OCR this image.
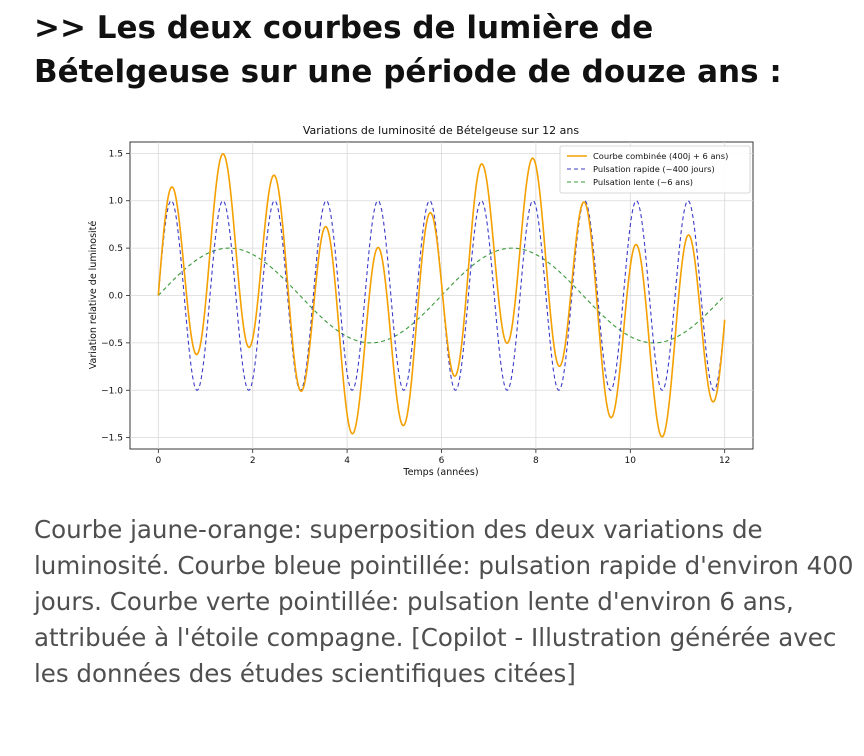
>> Les deux courbes de lumière de Bételgeuse sur une période de douze ans :
Variations de luminosité de Bételgeuse sur 12 ans
0	2	4	6	8	10	12
−1.5
−1.0
−0.5
0.0
0.5
1.0
1.5	Courbe combinée (400j + 6 ans)
Pulsation rapide (~400 jours)
Pulsation lente (~6 ans)
Temps (années)
Variation relative de luminosité

Courbe jaune-orange: superposition des deux variations de luminosité. Courbe bleue pointillée: pulsation rapide d'environ 400 jours. Courbe verte pointillée: pulsation lente d'environ 6 ans, attribuée à l'étoile compagne. [Copilot - Illustration générée avec les données des études scientifiques citées]
